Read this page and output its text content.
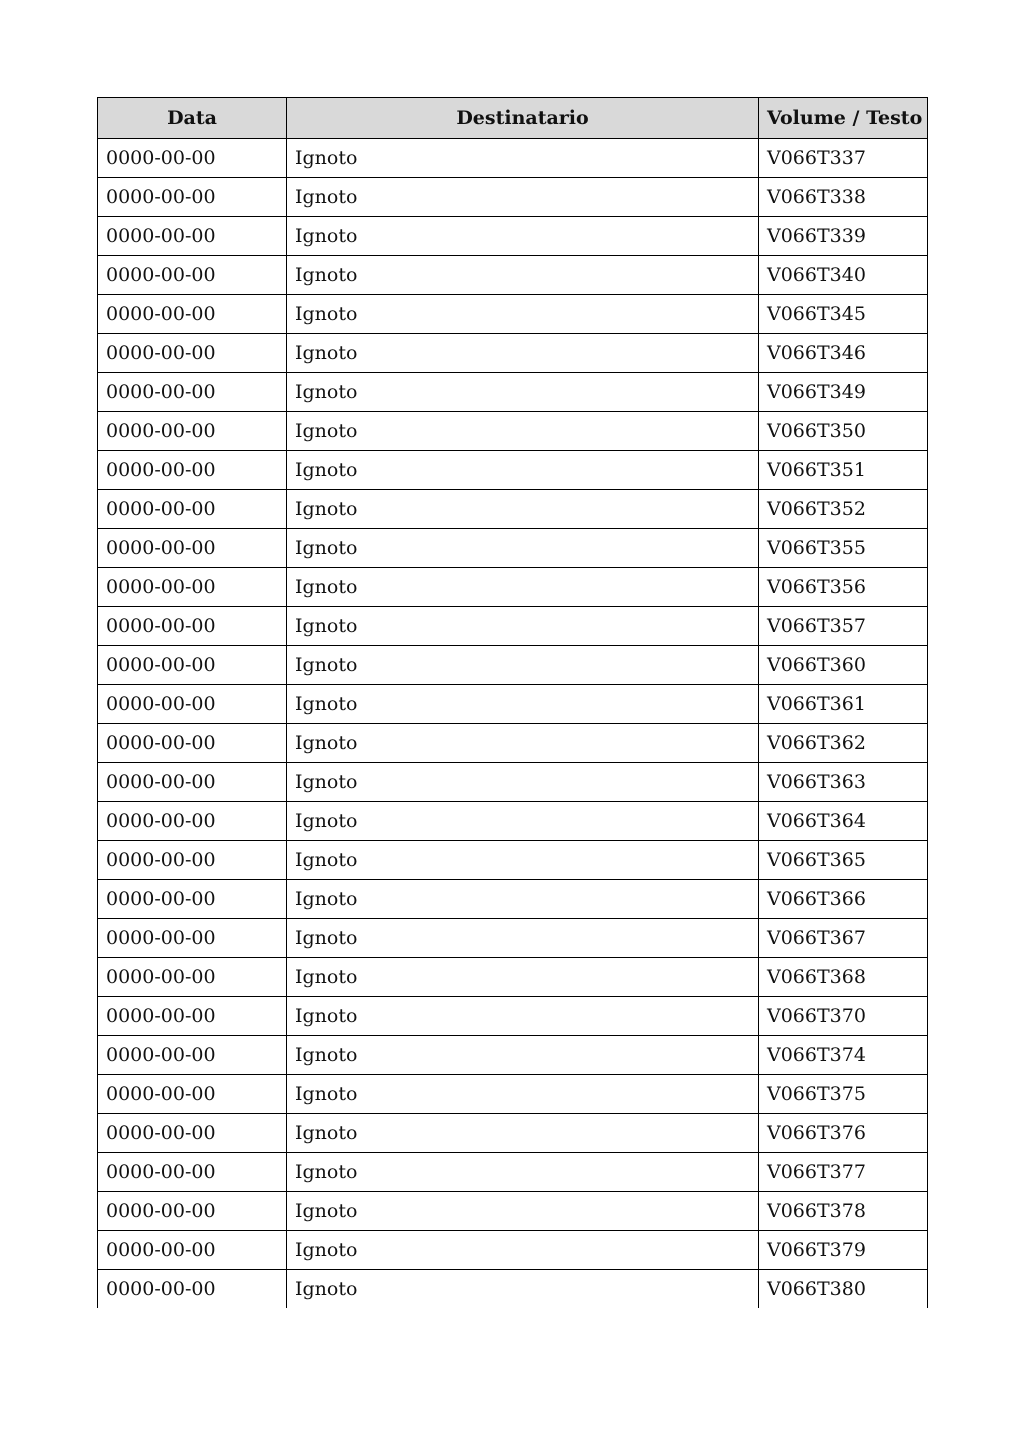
Data	Destinatario	Volume / Testo
0000-00-00	Ignoto	V066T337
0000-00-00	Ignoto	V066T338
0000-00-00	Ignoto	V066T339
0000-00-00	Ignoto	V066T340
0000-00-00	Ignoto	V066T345
0000-00-00	Ignoto	V066T346
0000-00-00	Ignoto	V066T349
0000-00-00	Ignoto	V066T350
0000-00-00	Ignoto	V066T351
0000-00-00	Ignoto	V066T352
0000-00-00	Ignoto	V066T355
0000-00-00	Ignoto	V066T356
0000-00-00	Ignoto	V066T357
0000-00-00	Ignoto	V066T360
0000-00-00	Ignoto	V066T361
0000-00-00	Ignoto	V066T362
0000-00-00	Ignoto	V066T363
0000-00-00	Ignoto	V066T364
0000-00-00	Ignoto	V066T365
0000-00-00	Ignoto	V066T366
0000-00-00	Ignoto	V066T367
0000-00-00	Ignoto	V066T368
0000-00-00	Ignoto	V066T370
0000-00-00	Ignoto	V066T374
0000-00-00	Ignoto	V066T375
0000-00-00	Ignoto	V066T376
0000-00-00	Ignoto	V066T377
0000-00-00	Ignoto	V066T378
0000-00-00	Ignoto	V066T379
0000-00-00	Ignoto	V066T380
